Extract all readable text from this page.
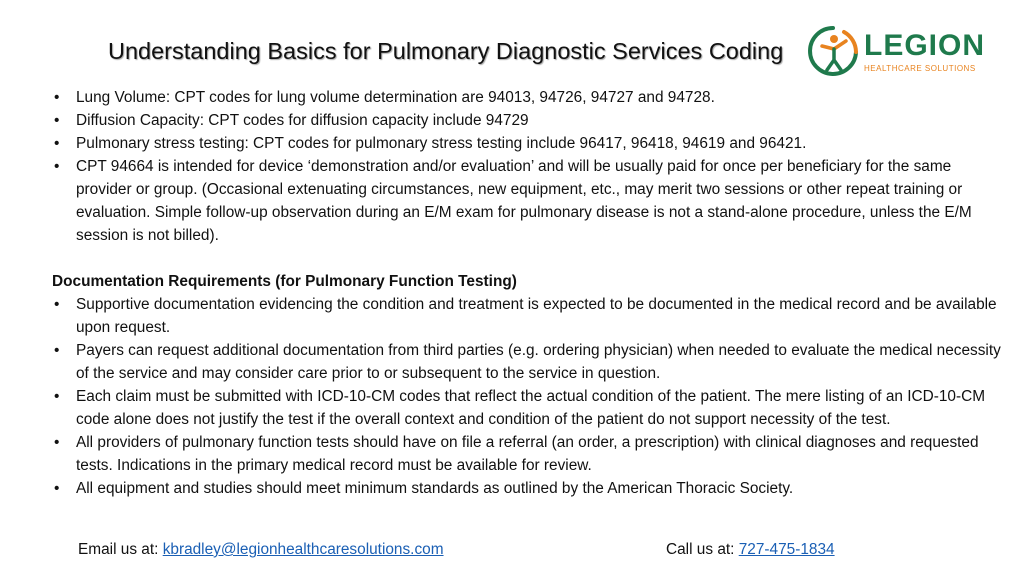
Understanding Basics for Pulmonary Diagnostic Services Coding	LEGION
HEALTHCARE SOLUTIONS
• Lung Volume: CPT codes for lung volume determination are 94013, 94726, 94727 and 94728.
• Diffusion Capacity: CPT codes for diffusion capacity include 94729
• Pulmonary stress testing: CPT codes for pulmonary stress testing include 96417, 96418, 94619 and 96421.
• CPT 94664 is intended for device ‘demonstration and/or evaluation’ and will be usually paid for once per beneficiary for the same provider or group. (Occasional extenuating circumstances, new equipment, etc., may merit two sessions or other repeat training or evaluation. Simple follow-up observation during an E/M exam for pulmonary disease is not a stand-alone procedure, unless the E/M session is not billed).
Documentation Requirements (for Pulmonary Function Testing)
• Supportive documentation evidencing the condition and treatment is expected to be documented in the medical record and be available upon request.
• Payers can request additional documentation from third parties (e.g. ordering physician) when needed to evaluate the medical necessity of the service and may consider care prior to or subsequent to the service in question.
• Each claim must be submitted with ICD-10-CM codes that reflect the actual condition of the patient. The mere listing of an ICD-10-CM code alone does not justify the test if the overall context and condition of the patient do not support necessity of the test.
• All providers of pulmonary function tests should have on file a referral (an order, a prescription) with clinical diagnoses and requested tests. Indications in the primary medical record must be available for review.
• All equipment and studies should meet minimum standards as outlined by the American Thoracic Society.
Email us at: kbradley@legionhealthcaresolutions.com	Call us at: 727-475-1834
